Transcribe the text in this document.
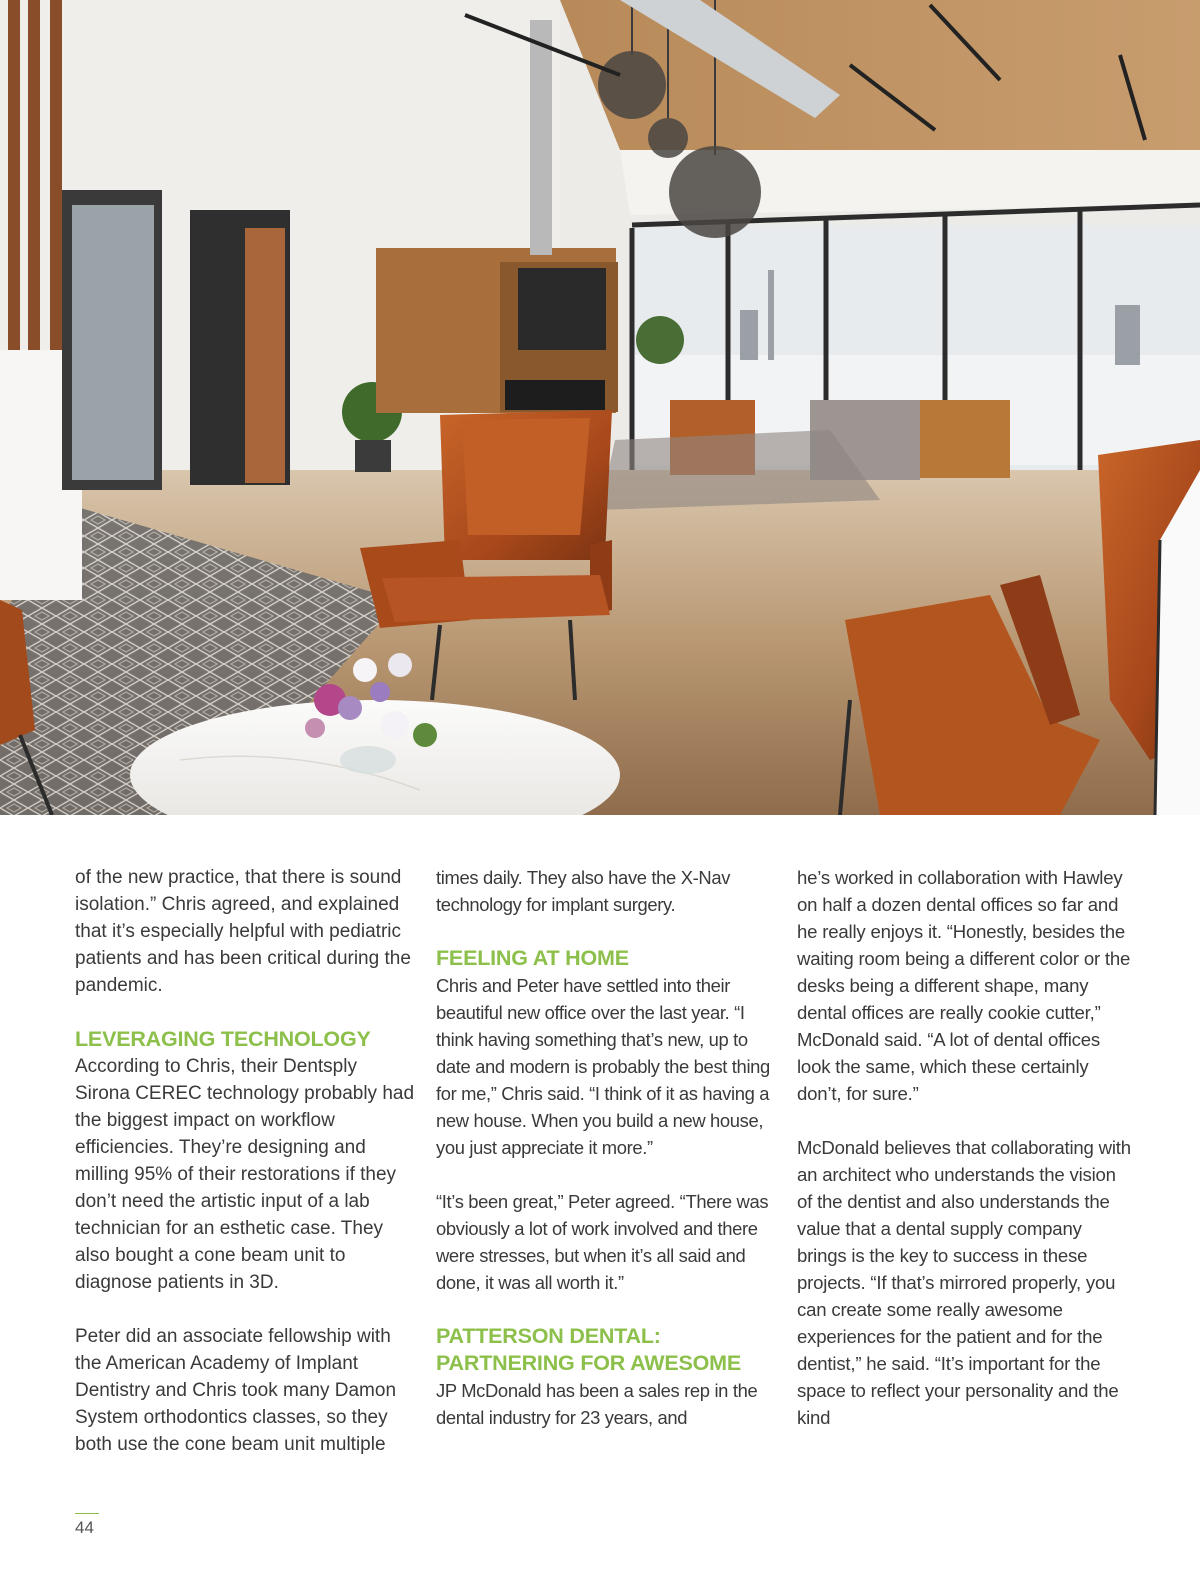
of the new practice, that there is sound isolation.” Chris agreed, and explained that it’s especially helpful with pediatric patients and has been critical during the pandemic.

LEVERAGING TECHNOLOGY

According to Chris, their Dentsply Sirona CEREC technology probably had the biggest impact on workflow efficiencies. They’re designing and milling 95% of their restorations if they don’t need the artistic input of a lab technician for an esthetic case. They also bought a cone beam unit to diagnose patients in 3D.

Peter did an associate fellowship with the American Academy of Implant Dentistry and Chris took many Damon System orthodontics classes, so they both use the cone beam unit multiple

times daily. They also have the X-Nav technology for implant surgery.

FEELING AT HOME

Chris and Peter have settled into their beautiful new office over the last year. “I think having something that’s new, up to date and modern is probably the best thing for me,” Chris said. “I think of it as having a new house. When you build a new house, you just appreciate it more.”

“It’s been great,” Peter agreed. “There was obviously a lot of work involved and there were stresses, but when it’s all said and done, it was all worth it.”

PATTERSON DENTAL:
PARTNERING FOR AWESOME

JP McDonald has been a sales rep in the dental industry for 23 years, and

he’s worked in collaboration with Hawley on half a dozen dental offices so far and he really enjoys it. “Honestly, besides the waiting room being a different color or the desks being a different shape, many dental offices are really cookie cutter,” McDonald said. “A lot of dental offices look the same, which these certainly don’t, for sure.”

McDonald believes that collaborating with an architect who understands the vision of the dentist and also understands the value that a dental supply company brings is the key to success in these projects. “If that’s mirrored properly, you can create some really awesome experiences for the patient and for the dentist,” he said. “It’s important for the space to reflect your personality and the kind

44
